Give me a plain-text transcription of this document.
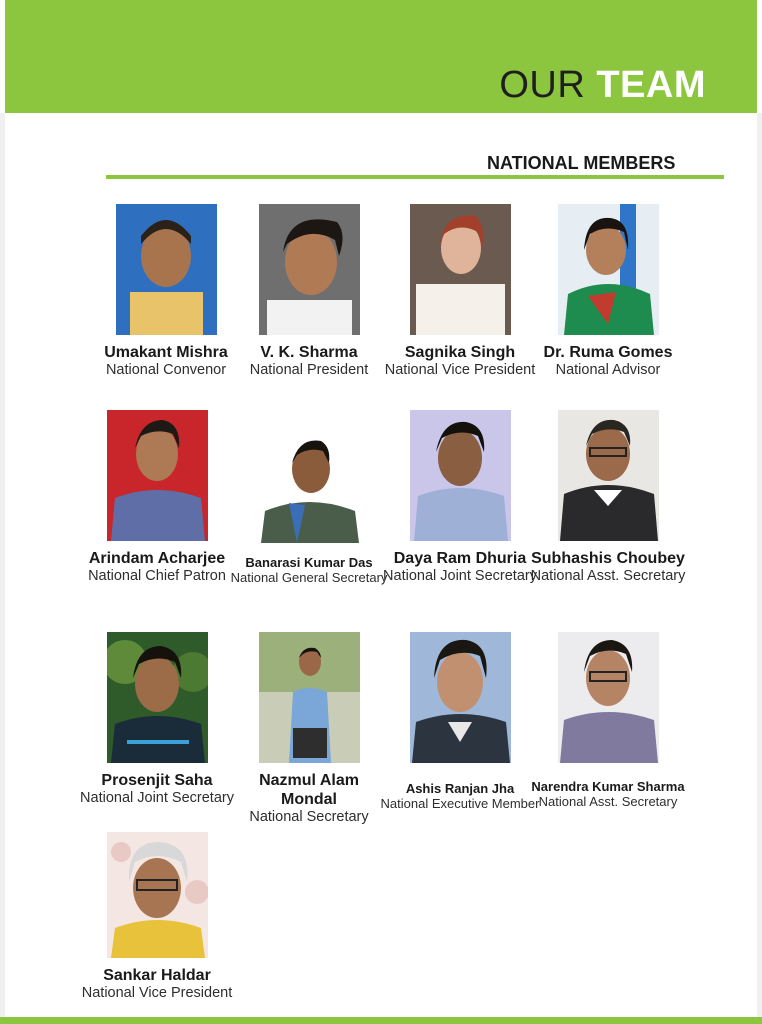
OUR TEAM
NATIONAL MEMBERS
Umakant Mishra
National Convenor
V. K. Sharma
National President
Sagnika Singh
National Vice President
Dr. Ruma Gomes
National Advisor
Arindam Acharjee
National Chief Patron
Banarasi Kumar Das
National General Secretary
Daya Ram Dhuria
National Joint Secretary
Subhashis Choubey
National Asst. Secretary
Prosenjit Saha
National Joint Secretary
Nazmul Alam Mondal
National Secretary
Ashis Ranjan Jha
National Executive Member
Narendra Kumar Sharma
National Asst. Secretary
Sankar Haldar
National Vice President
